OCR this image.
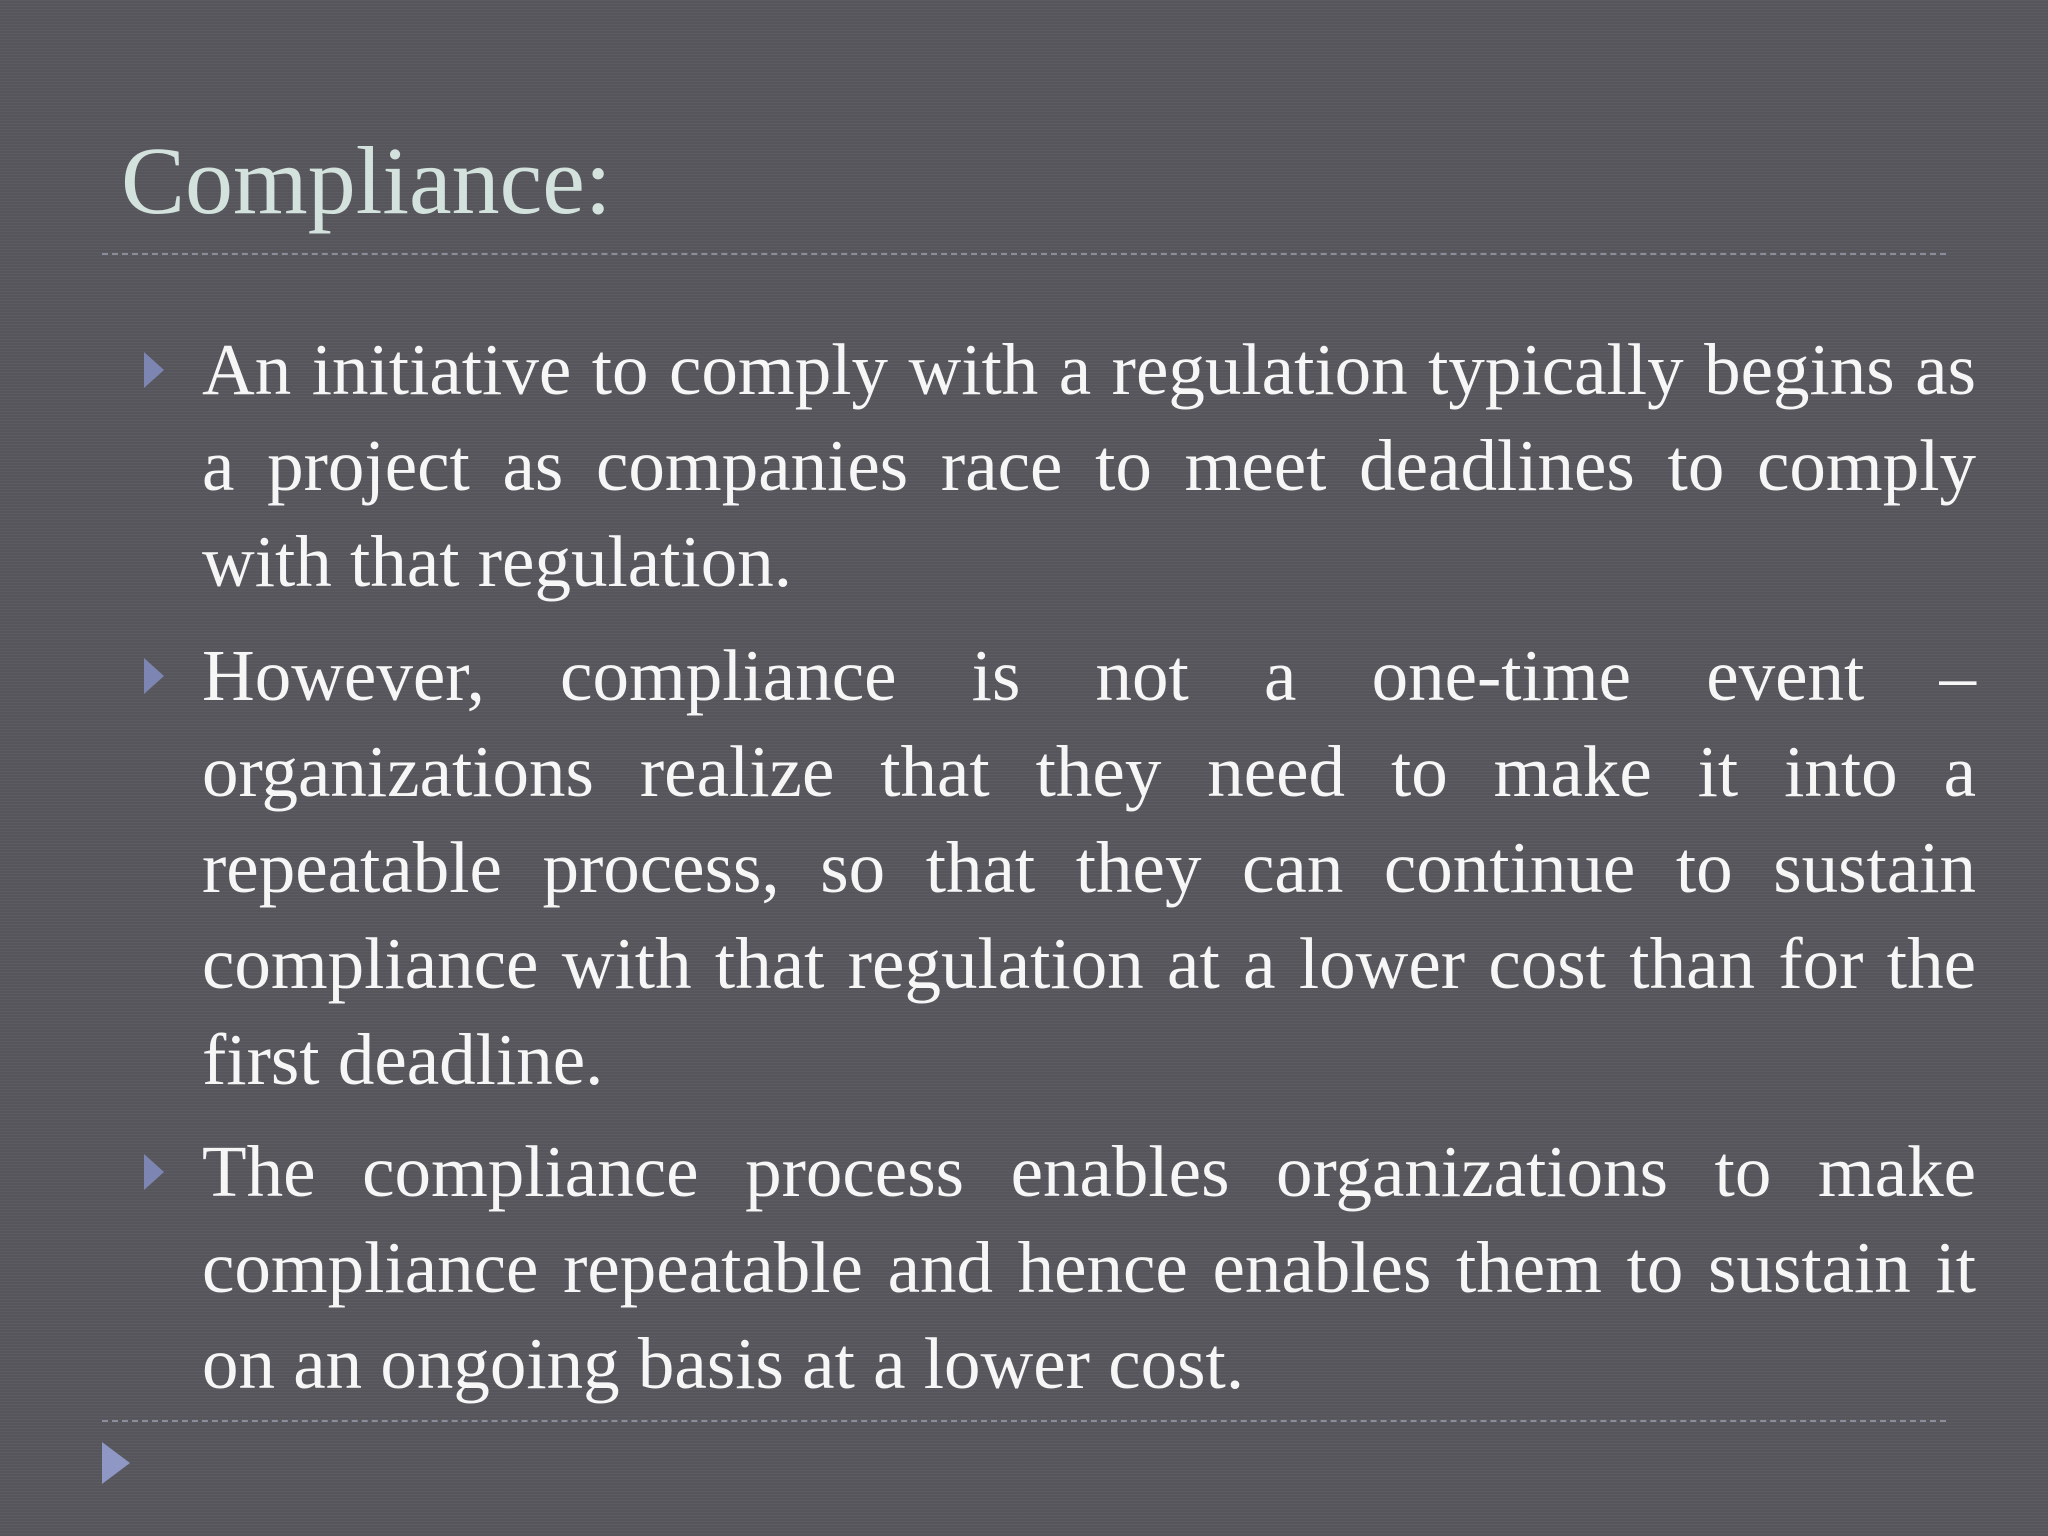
Compliance:
An initiative to comply with a regulation typically begins as a project as companies race to meet deadlines to comply with that regulation.
However, compliance is not a one-time event – organizations realize that they need to make it into a repeatable process, so that they can continue to sustain compliance with that regulation at a lower cost than for the first deadline.
The compliance process enables organizations to make compliance repeatable and hence enables them to sustain it on an ongoing basis at a lower cost.
